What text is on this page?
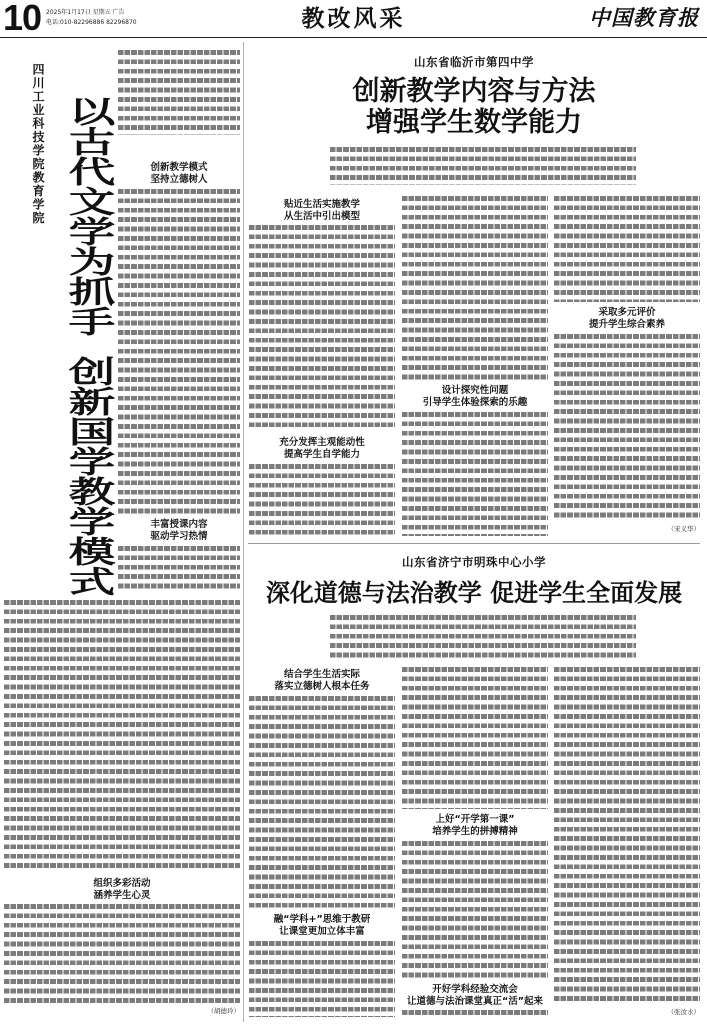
10 2025年1月17日 星期五 广告
电话:010-82296886 82296870	教改风采	中国教育报
四川工业科技学院教育学院 以古代文学为抓手
创新国学教学模式
创新教学模式
坚持立德树人
丰富授课内容
驱动学习热情
组织多彩活动
涵养学生心灵
（胡德玲）
山东省临沂市第四中学
创新教学内容与方法
增强学生数学能力
贴近生活实施教学
从生活中引出模型
充分发挥主观能动性
提高学生自学能力
设计探究性问题
引导学生体验探索的乐趣
采取多元评价
提升学生综合素养
（宋义华）
山东省济宁市明珠中心小学
深化道德与法治教学 促进学生全面发展
结合学生生活实际
落实立德树人根本任务
融“学科+”思维于教研
让课堂更加立体丰富
上好“开学第一课”
培养学生的拼搏精神
开好学科经验交流会
让道德与法治课堂真正“活”起来
（张汝水）
